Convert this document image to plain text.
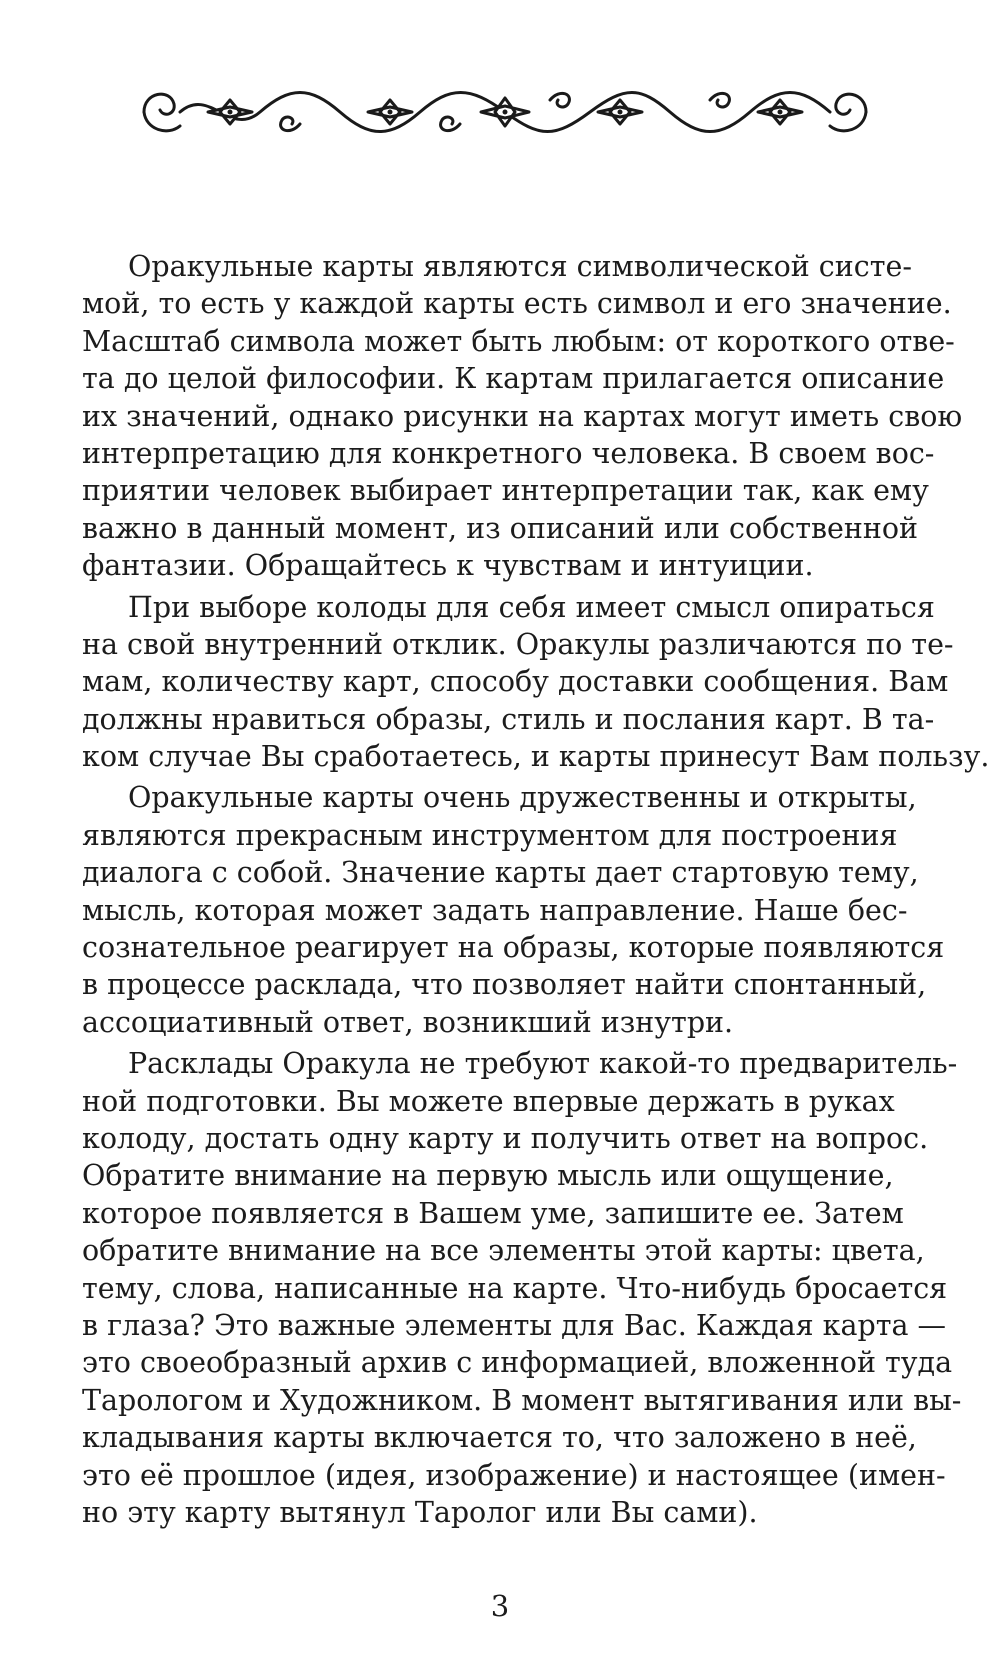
Оракульные карты являются символической систе-
мой, то есть у каждой карты есть символ и его значение.
Масштаб символа может быть любым: от короткого отве-
та до целой философии. К картам прилагается описание
их значений, однако рисунки на картах могут иметь свою
интерпретацию для конкретного человека. В своем вос-
приятии человек выбирает интерпретации так, как ему
важно в данный момент, из описаний или собственной
фантазии. Обращайтесь к чувствам и интуиции.
При выборе колоды для себя имеет смысл опираться
на свой внутренний отклик. Оракулы различаются по те-
мам, количеству карт, способу доставки сообщения. Вам
должны нравиться образы, стиль и послания карт. В та-
ком случае Вы сработаетесь, и карты принесут Вам пользу.
Оракульные карты очень дружественны и открыты,
являются прекрасным инструментом для построения
диалога с собой. Значение карты дает стартовую тему,
мысль, которая может задать направление. Наше бес-
сознательное реагирует на образы, которые появляются
в процессе расклада, что позволяет найти спонтанный,
ассоциативный ответ, возникший изнутри.
Расклады Оракула не требуют какой-то предваритель-
ной подготовки. Вы можете впервые держать в руках
колоду, достать одну карту и получить ответ на вопрос.
Обратите внимание на первую мысль или ощущение,
которое появляется в Вашем уме, запишите ее. Затем
обратите внимание на все элементы этой карты: цвета,
тему, слова, написанные на карте. Что-нибудь бросается
в глаза? Это важные элементы для Вас. Каждая карта —
это своеобразный архив с информацией, вложенной туда
Тарологом и Художником. В момент вытягивания или вы-
кладывания карты включается то, что заложено в неё,
это её прошлое (идея, изображение) и настоящее (имен-
но эту карту вытянул Таролог или Вы сами).
3
